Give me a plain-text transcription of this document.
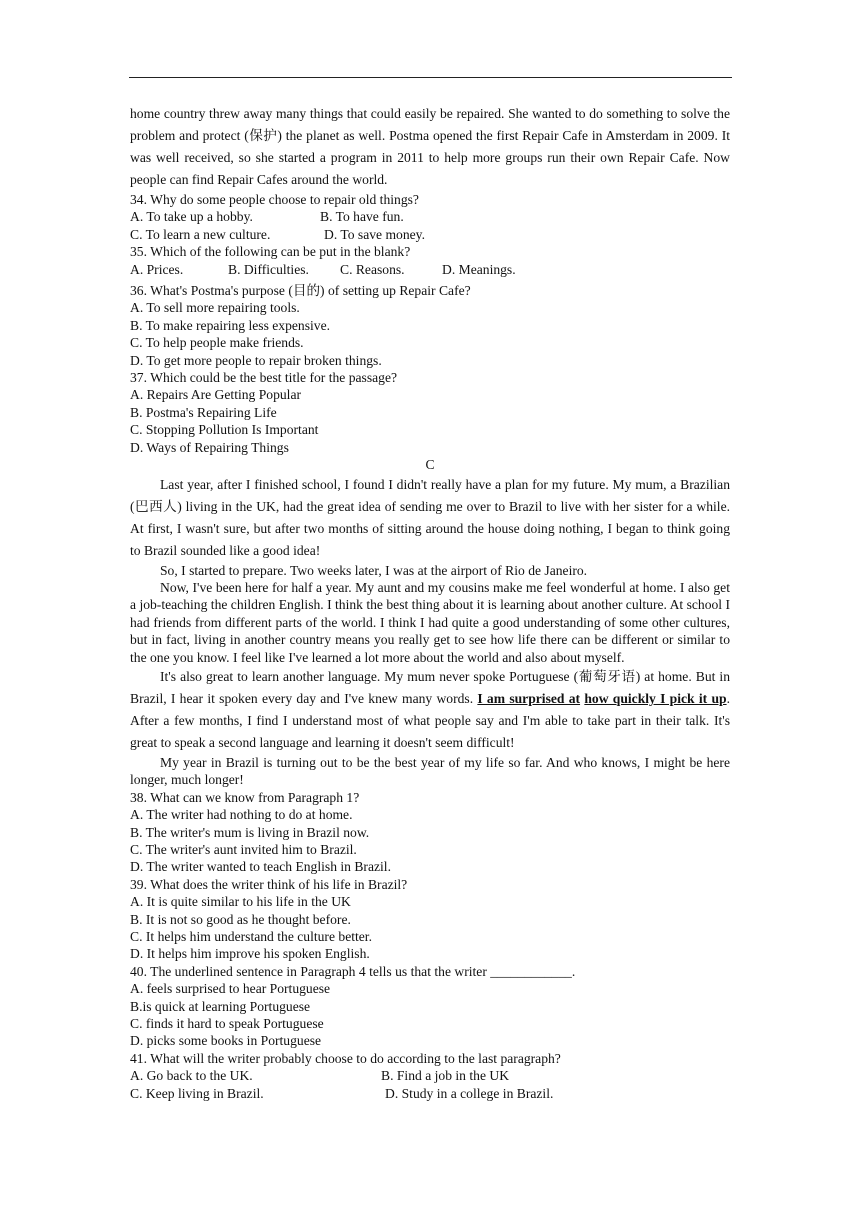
home country threw away many things that could easily be repaired. She wanted to do something to solve the problem and protect (保护) the planet as well. Postma opened the first Repair Cafe in Amsterdam in 2009. It was well received, so she started a program in 2011 to help more groups run their own Repair Cafe. Now people can find Repair Cafes around the world.

34. Why do some people choose to repair old things?

A. To take up a hobby.	B. To have fun.

C. To learn a new culture.	D. To save money.

35. Which of the following can be put in the blank?

A. Prices.	B. Difficulties. C. Reasons.	D. Meanings.

36. What's Postma's purpose (目的) of setting up Repair Cafe?

A. To sell more repairing tools.

B. To make repairing less expensive.

C. To help people make friends.

D. To get more people to repair broken things.

37. Which could be the best title for the passage?

A. Repairs Are Getting Popular

B. Postma's Repairing Life

C. Stopping Pollution Is Important

D. Ways of Repairing Things

C

Last year, after I finished school, I found I didn't really have a plan for my future. My mum, a Brazilian (巴西人) living in the UK, had the great idea of sending me over to Brazil to live with her sister for a while. At first, I wasn't sure, but after two months of sitting around the house doing nothing, I began to think going to Brazil sounded like a good idea!

So, I started to prepare. Two weeks later, I was at the airport of Rio de Janeiro.

Now, I've been here for half a year. My aunt and my cousins make me feel wonderful at home. I also get a job-teaching the children English. I think the best thing about it is learning about another culture. At school I had friends from different parts of the world. I think I had quite a good understanding of some other cultures, but in fact, living in another country means you really get to see how life there can be different or similar to the one you know. I feel like I've learned a lot more about the world and also about myself.

It's also great to learn another language. My mum never spoke Portuguese (葡萄牙语) at home. But in Brazil, I hear it spoken every day and I've knew many words. I am surprised at how quickly I pick it up. After a few months, I find I understand most of what people say and I'm able to take part in their talk. It's great to speak a second language and learning it doesn't seem difficult!

My year in Brazil is turning out to be the best year of my life so far. And who knows, I might be here longer, much longer!

38. What can we know from Paragraph 1?

A. The writer had nothing to do at home.

B. The writer's mum is living in Brazil now.

C. The writer's aunt invited him to Brazil.

D. The writer wanted to teach English in Brazil.

39. What does the writer think of his life in Brazil?

A. It is quite similar to his life in the UK

B. It is not so good as he thought before.

C. It helps him understand the culture better.

D. It helps him improve his spoken English.

40. The underlined sentence in Paragraph 4 tells us that the writer ____________.

A. feels surprised to hear Portuguese

B.is quick at learning Portuguese

C. finds it hard to speak Portuguese

D. picks some books in Portuguese

41. What will the writer probably choose to do according to the last paragraph?

A. Go back to the UK.	B. Find a job in the UK

C. Keep living in Brazil.	D. Study in a college in Brazil.
